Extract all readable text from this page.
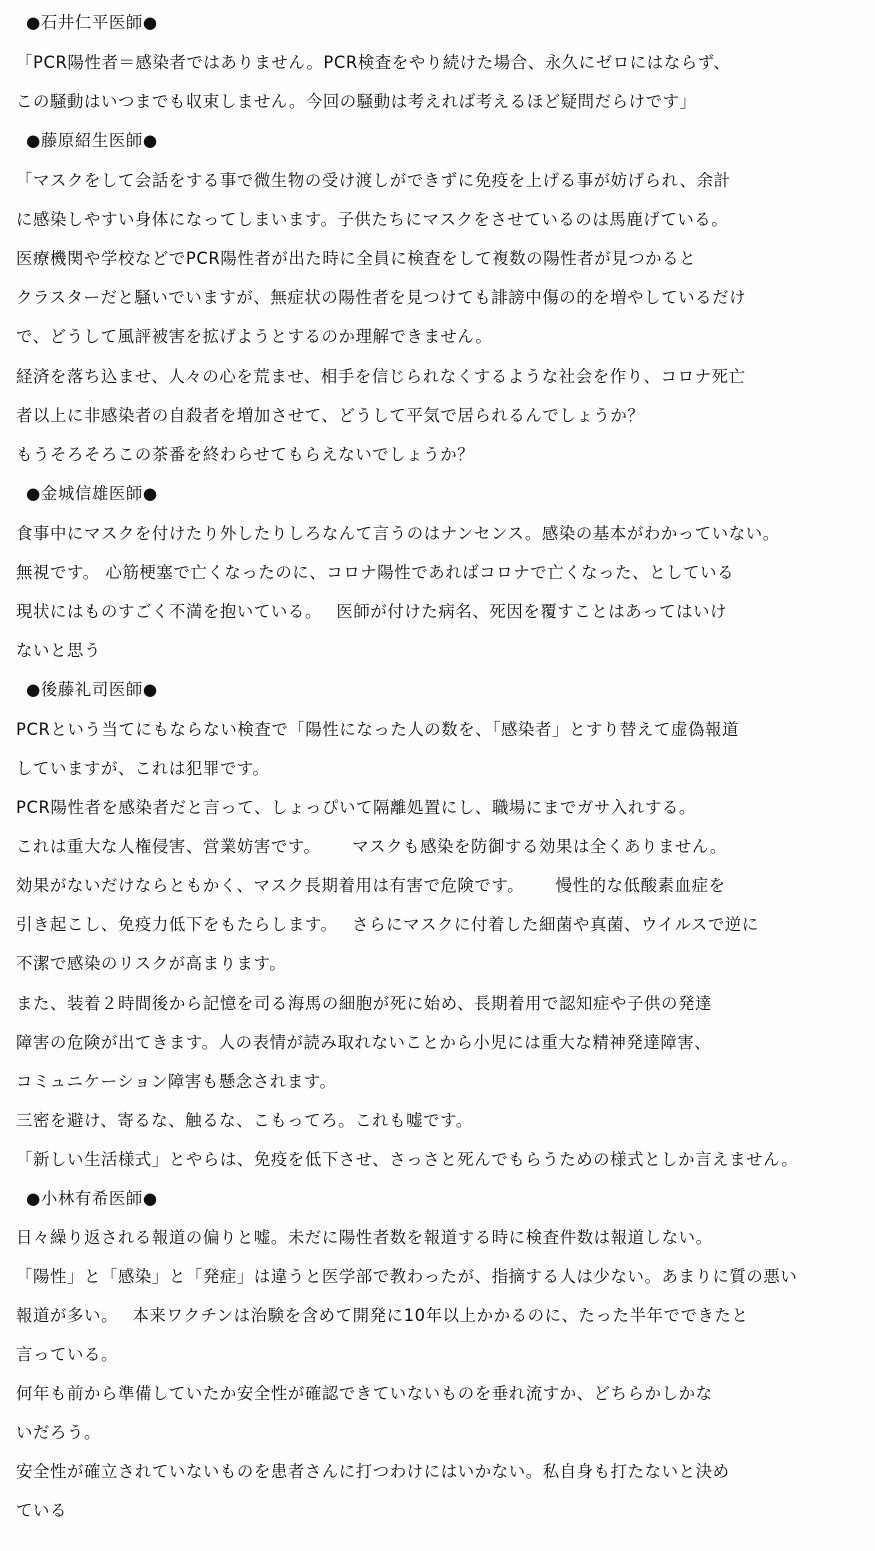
●石井仁平医師●
「PCR陽性者＝感染者ではありません。PCR検査をやり続けた場合、永久にゼロにはならず、
この騒動はいつまでも収束しません。今回の騒動は考えれば考えるほど疑問だらけです」
●藤原紹生医師●
「マスクをして会話をする事で微生物の受け渡しができずに免疫を上げる事が妨げられ、余計
に感染しやすい身体になってしまいます。子供たちにマスクをさせているのは馬鹿げている。
医療機関や学校などでPCR陽性者が出た時に全員に検査をして複数の陽性者が見つかると
クラスターだと騒いでいますが、無症状の陽性者を見つけても誹謗中傷の的を増やしているだけ
で、どうして風評被害を拡げようとするのか理解できません。
経済を落ち込ませ、人々の心を荒ませ、相手を信じられなくするような社会を作り、コロナ死亡
者以上に非感染者の自殺者を増加させて、どうして平気で居られるんでしょうか？
もうそろそろこの茶番を終わらせてもらえないでしょうか？
●金城信雄医師●
食事中にマスクを付けたり外したりしろなんて言うのはナンセンス。感染の基本がわかっていない。
無視です。 心筋梗塞で亡くなったのに、コロナ陽性であればコロナで亡くなった、としている
現状にはものすごく不満を抱いている。　 医師が付けた病名、死因を覆すことはあってはいけ
ないと思う
●後藤礼司医師●
PCRという当てにもならない検査で「陽性になった人の数を、「感染者」とすり替えて虚偽報道
していますが、これは犯罪です。
PCR陽性者を感染者だと言って、しょっぴいて隔離処置にし、職場にまでガサ入れする。
これは重大な人権侵害、営業妨害です。　 　マスクも感染を防御する効果は全くありません。
効果がないだけならともかく、マスク長期着用は有害で危険です。　 　慢性的な低酸素血症を
引き起こし、免疫力低下をもたらします。　 さらにマスクに付着した細菌や真菌、ウイルスで逆に
不潔で感染のリスクが高まります。
また、装着２時間後から記憶を司る海馬の細胞が死に始め、長期着用で認知症や子供の発達
障害の危険が出てきます。人の表情が読み取れないことから小児には重大な精神発達障害、
コミュニケーション障害も懸念されます。
三密を避け、寄るな、触るな、こもってろ。これも嘘です。
「新しい生活様式」とやらは、免疫を低下させ、さっさと死んでもらうための様式としか言えません。
●小林有希医師●
日々繰り返される報道の偏りと嘘。未だに陽性者数を報道する時に検査件数は報道しない。
「陽性」と「感染」と「発症」は違うと医学部で教わったが、指摘する人は少ない。あまりに質の悪い
報道が多い。　 本来ワクチンは治験を含めて開発に10年以上かかるのに、たった半年でできたと
言っている。
何年も前から準備していたか安全性が確認できていないものを垂れ流すか、どちらかしかな
いだろう。
安全性が確立されていないものを患者さんに打つわけにはいかない。私自身も打たないと決め
ている
